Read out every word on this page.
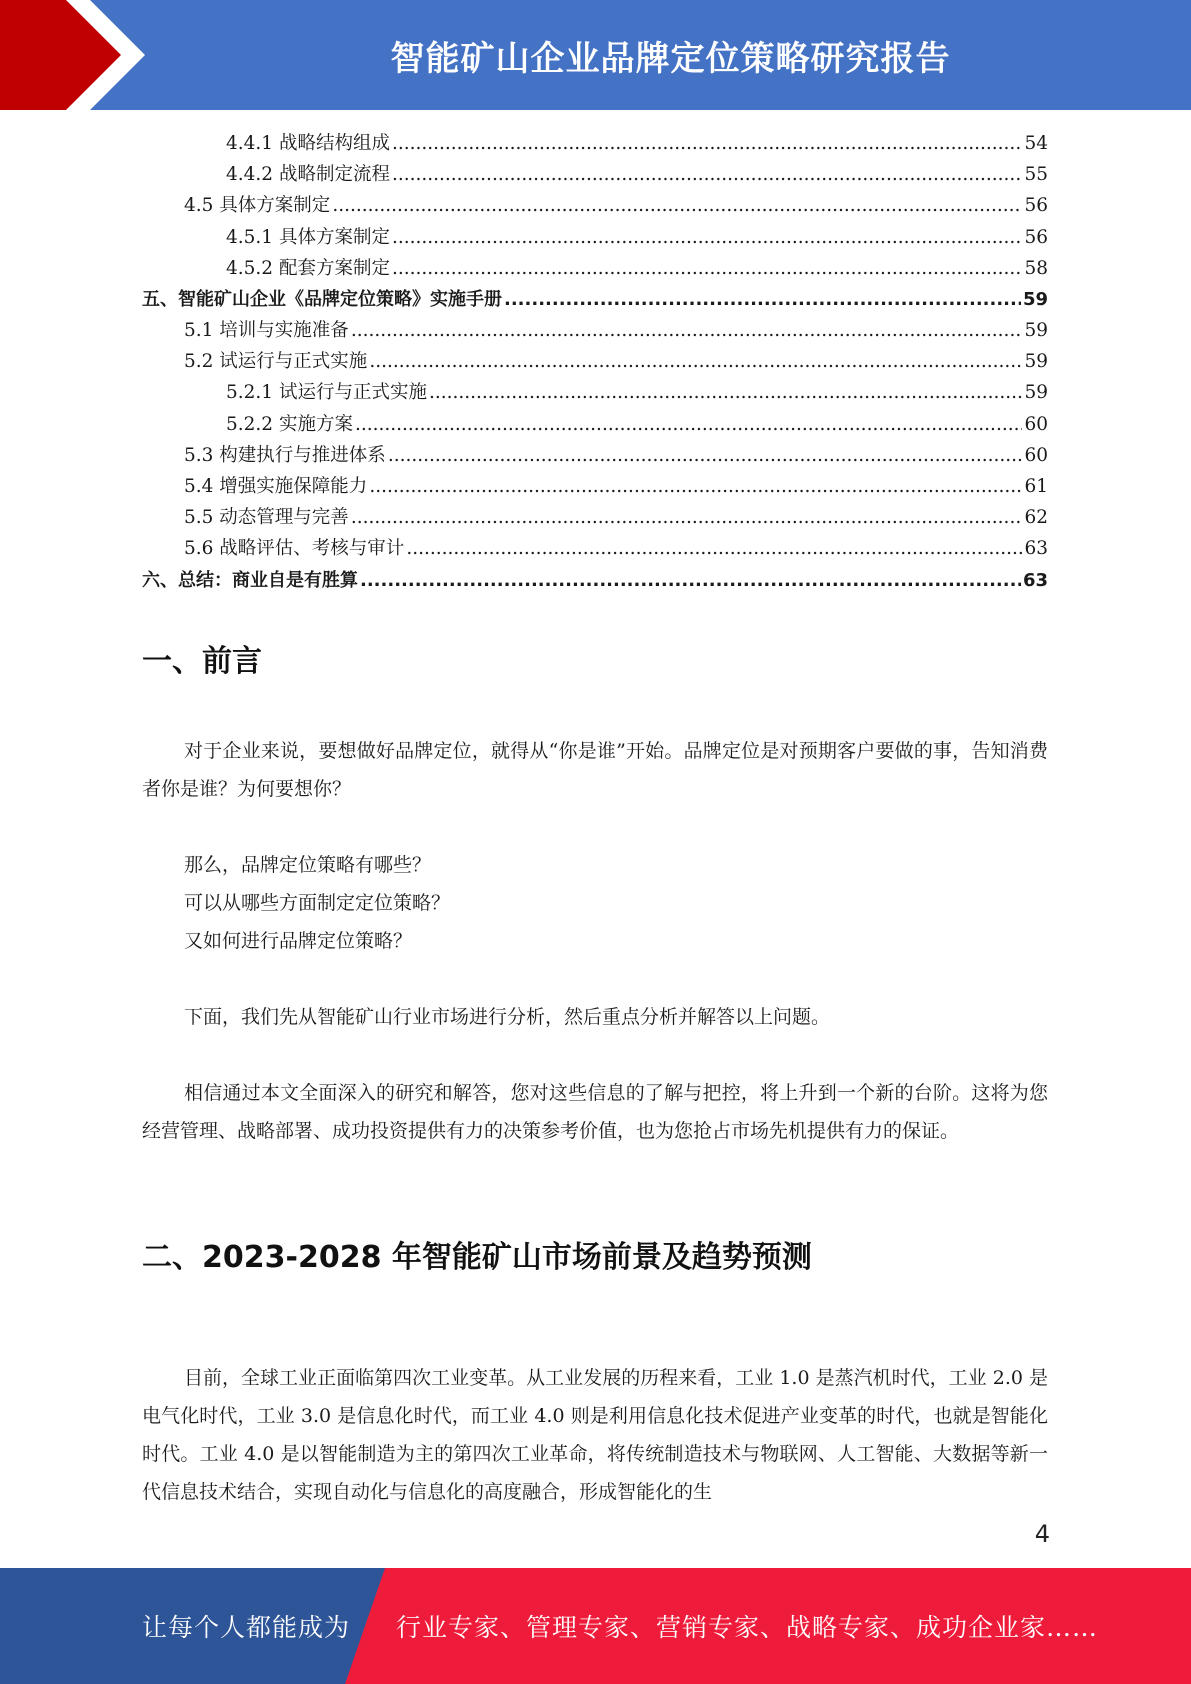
智能矿山企业品牌定位策略研究报告
4.4.1 战略结构组成 .....	54
4.4.2 战略制定流程 .....	55
4.5 具体方案制定 .....	56
4.5.1 具体方案制定 .....	56
4.5.2 配套方案制定 .....	58
五、智能矿山企业《品牌定位策略》实施手册 .....	59
5.1 培训与实施准备 .....	59
5.2 试运行与正式实施 .....	59
5.2.1 试运行与正式实施 .....	59
5.2.2 实施方案 .....	60
5.3 构建执行与推进体系 .....	60
5.4 增强实施保障能力 .....	61
5.5 动态管理与完善 .....	62
5.6 战略评估、考核与审计 .....	63
六、总结：商业自是有胜算 .....	63
一、前言

对于企业来说，要想做好品牌定位，就得从“你是谁”开始。品牌定位是对预期客户要做的事，告知消费者你是谁？为何要想你？

那么，品牌定位策略有哪些？
可以从哪些方面制定定位策略？
又如何进行品牌定位策略？

下面，我们先从智能矿山行业市场进行分析，然后重点分析并解答以上问题。

相信通过本文全面深入的研究和解答，您对这些信息的了解与把控，将上升到一个新的台阶。这将为您经营管理、战略部署、成功投资提供有力的决策参考价值，也为您抢占市场先机提供有力的保证。

二、2023-2028 年智能矿山市场前景及趋势预测

目前，全球工业正面临第四次工业变革。从工业发展的历程来看，工业 1.0 是蒸汽机时代，工业 2.0 是电气化时代，工业 3.0 是信息化时代，而工业 4.0 则是利用信息化技术促进产业变革的时代，也就是智能化时代。工业 4.0 是以智能制造为主的第四次工业革命，将传统制造技术与物联网、人工智能、大数据等新一代信息技术结合，实现自动化与信息化的高度融合，形成智能化的生

4
让每个人都能成为 行业专家、管理专家、营销专家、战略专家、成功企业家……
